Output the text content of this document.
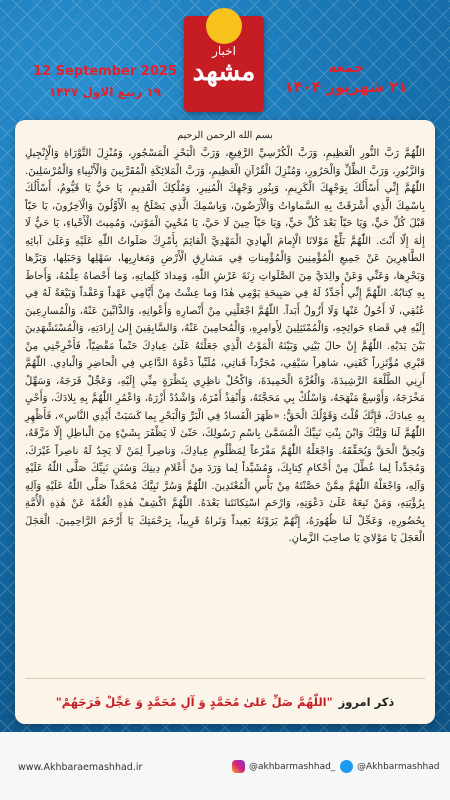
12 September 2025
۱۹ ربیع الاول ۱۴۴۷
اخبار
مشهد	جمعه
۲۱ شهریور ۱۴۰۴
بسم الله الرحمن الرحيم
اللّٰهُمَّ رَبَّ النُّورِ الْعَظِيمِ، وَرَبَّ الْكُرْسِيِّ الرَّفِيعِ، وَرَبَّ الْبَحْرِ الْمَسْجُورِ، وَمُنْزِلَ التَّوْرَاةِ وَالْإِنْجِيلِ وَالزَّبُورِ، وَرَبَّ الظِّلِّ وَالْحَرُورِ، وَمُنْزِلَ الْقُرْآنِ الْعَظِيمِ، وَرَبَّ الْمَلائِكَةِ الْمُقَرَّبِينَ وَالْأَنْبِياءِ وَالْمُرْسَلِينَ. اللّٰهُمَّ إِنِّي أَسْأَلُكَ بِوَجْهِكَ الْكَرِيمِ، وَبِنُورِ وَجْهِكَ الْمُنِيرِ، وَمُلْكِكَ الْقَدِيمِ، يَا حَيُّ يَا قَيُّومُ، أَسْأَلُكَ بِاسْمِكَ الَّذِي أَشْرَقَتْ بِهِ السَّماواتُ وَالْأَرَضُونَ، وَبِاسْمِكَ الَّذِي يَصْلَحُ بِهِ الْأَوَّلُونَ وَالْآخِرُونَ، يَا حَيّاً قَبْلَ كُلِّ حَيٍّ، وَيَا حَيّاً بَعْدَ كُلِّ حَيٍّ، وَيَا حَيّاً حِينَ لَا حَيَّ، يَا مُحْيِيَ الْمَوْتىٰ، وَمُمِيتَ الْأَحْياءِ، يَا حَيُّ لَا إِلٰهَ إِلّا أَنْتَ. اللّٰهُمَّ بَلِّغْ مَوْلانَا الْإِمامَ الْهادِيَ الْمَهْدِيَّ الْقائِمَ بِأَمْرِكَ صَلَواتُ اللّٰهِ عَلَيْهِ وَعَلَىٰ آبائِهِ الطَّاهِرِينَ عَنْ جَمِيعِ الْمُؤْمِنِينَ وَالْمُؤْمِناتِ فِي مَشارِقِ الْأَرْضِ وَمَغارِبِها، سَهْلِها وَجَبَلِها، وَبَرِّها وَبَحْرِها، وَعَنِّي وَعَنْ والِدَيَّ مِنَ الصَّلَواتِ زِنَةَ عَرْشِ اللّٰهِ، وَمِدادَ كَلِماتِهِ، وَما أَحْصاهُ عِلْمُهُ، وَأَحاطَ بِهِ كِتابُهُ. اللّٰهُمَّ إِنِّي أُجَدِّدُ لَهُ فِي صَبِيحَةِ يَوْمِي هٰذَا وَما عِشْتُ مِنْ أَيَّامِي عَهْداً وَعَقْداً وَبَيْعَةً لَهُ فِي عُنُقِي، لَا أَحُولُ عَنْها وَلَا أَزُولُ أَبَداً. اللّٰهُمَّ اجْعَلْنِي مِنْ أَنْصارِهِ وَأَعْوانِهِ، وَالذَّابِّينَ عَنْهُ، وَالْمُسارِعِينَ إِلَيْهِ فِي قَضاءِ حَوائِجِهِ، وَالْمُمْتَثِلِينَ لِأَوامِرِهِ، وَالْمُحامِينَ عَنْهُ، وَالسَّابِقِينَ إِلىٰ إِرادَتِهِ، وَالْمُسْتَشْهَدِينَ بَيْنَ يَدَيْهِ. اللّٰهُمَّ إِنْ حالَ بَيْنِي وَبَيْنَهُ الْمَوْتُ الَّذِي جَعَلْتَهُ عَلَىٰ عِبادِكَ حَتْماً مَقْضِيّاً، فَأَخْرِجْنِي مِنْ قَبْرِي مُؤْتَزِراً كَفَنِي، شاهِراً سَيْفِي، مُجَرِّداً قَناتِي، مُلَبِّياً دَعْوَةَ الدَّاعِي فِي الْحاضِرِ وَالْبادِي. اللّٰهُمَّ أَرِنِي الطَّلْعَةَ الرَّشِيدَةَ، وَالْغُرَّةَ الْحَمِيدَةَ، وَاكْحُلْ ناظِرِي بِنَظْرَةٍ مِنِّي إِلَيْهِ، وَعَجِّلْ فَرَجَهُ، وَسَهِّلْ مَخْرَجَهُ، وَأَوْسِعْ مَنْهَجَهُ، وَاسْلُكْ بِي مَحَجَّتَهُ، وَأَنْفِذْ أَمْرَهُ، وَاشْدُدْ أَزْرَهُ، وَاعْمُرِ اللّٰهُمَّ بِهِ بِلادَكَ، وَأَحْيِ بِهِ عِبادَكَ، فَإِنَّكَ قُلْتَ وَقَوْلُكَ الْحَقُّ: «ظَهَرَ الْفَسادُ فِي الْبَرِّ وَالْبَحْرِ بِما كَسَبَتْ أَيْدِي النَّاسِ»، فَأَظْهِرِ اللّٰهُمَّ لَنا وَلِيَّكَ وَابْنَ بِنْتِ نَبِيِّكَ الْمُسَمَّىٰ بِاسْمِ رَسُولِكَ، حَتّىٰ لَا يَظْفَرَ بِشَيْءٍ مِنَ الْباطِلِ إِلّا مَزَّقَهُ، وَيُحِقَّ الْحَقَّ وَيُحَقِّقَهُ. وَاجْعَلْهُ اللّٰهُمَّ مَفْزَعاً لِمَظْلُومِ عِبادِكَ، وَناصِراً لِمَنْ لَا يَجِدُ لَهُ ناصِراً غَيْرَكَ، وَمُجَدِّداً لِما عُطِّلَ مِنْ أَحْكامِ كِتابِكَ، وَمُشَيِّداً لِما وَرَدَ مِنْ أَعْلامِ دِينِكَ وَسُنَنِ نَبِيِّكَ صَلَّى اللّٰهُ عَلَيْهِ وَآلِهِ، وَاجْعَلْهُ اللّٰهُمَّ مِمَّنْ حَصَّنْتَهُ مِنْ بَأْسِ الْمُعْتَدِينَ. اللّٰهُمَّ وَسُرَّ نَبِيَّكَ مُحَمَّداً صَلَّى اللّٰهُ عَلَيْهِ وَآلِهِ بِرُؤْيَتِهِ، وَمَنْ تَبِعَهُ عَلَىٰ دَعْوَتِهِ، وَارْحَمِ اسْتِكانَتَنا بَعْدَهُ. اللّٰهُمَّ اكْشِفْ هٰذِهِ الْغُمَّةَ عَنْ هٰذِهِ الْأُمَّةِ بِحُضُورِهِ، وَعَجِّلْ لَنا ظُهُورَهُ، إِنَّهُمْ يَرَوْنَهُ بَعِيداً وَنَراهُ قَرِيباً، بِرَحْمَتِكَ يَا أَرْحَمَ الرَّاحِمِينَ. الْعَجَلَ الْعَجَلَ يَا مَوْلايَ يَا صاحِبَ الزَّمانِ.
ذکر امروز
"اللّٰهُمَّ صَلِّ عَلىٰ مُحَمَّدٍ وَ آلِ مُحَمَّدٍ وَ عَجِّلْ فَرَجَهُمْ"
www.Akhbaraemashhad.ir	@akhbarmashhad_ @Akhbarmashhad
